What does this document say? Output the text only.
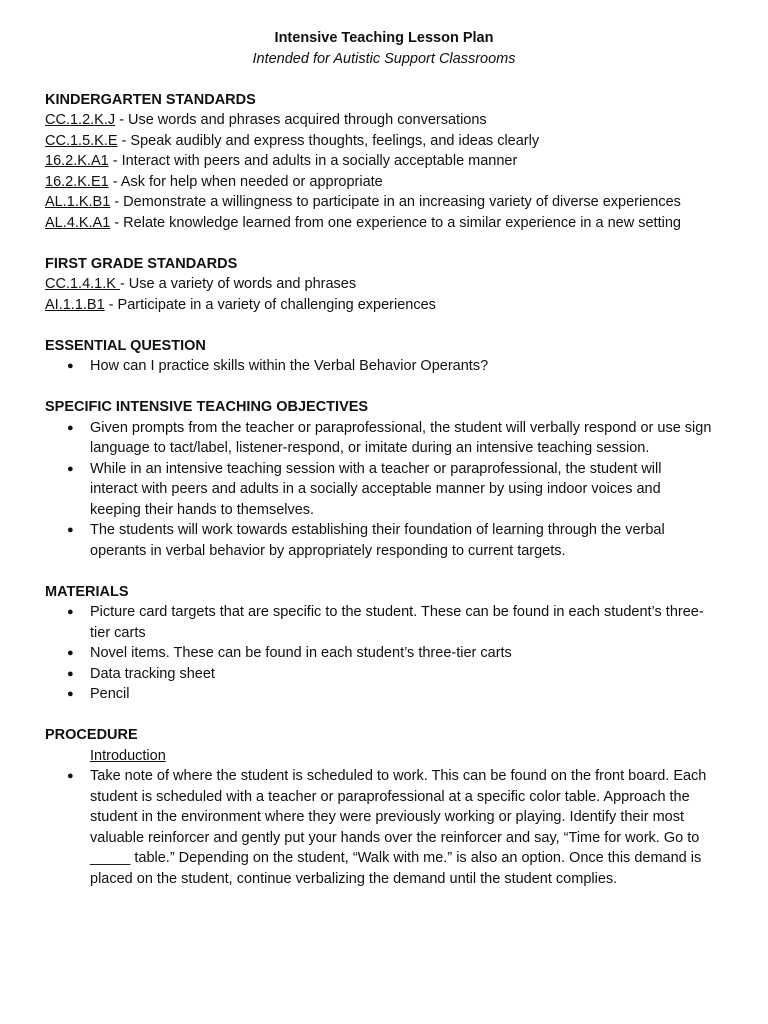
Intensive Teaching Lesson Plan
Intended for Autistic Support Classrooms
KINDERGARTEN STANDARDS
CC.1.2.K.J - Use words and phrases acquired through conversations
CC.1.5.K.E - Speak audibly and express thoughts, feelings, and ideas clearly
16.2.K.A1 - Interact with peers and adults in a socially acceptable manner
16.2.K.E1 - Ask for help when needed or appropriate
AL.1.K.B1 - Demonstrate a willingness to participate in an increasing variety of diverse experiences
AL.4.K.A1 - Relate knowledge learned from one experience to a similar experience in a new setting
FIRST GRADE STANDARDS
CC.1.4.1.K - Use a variety of words and phrases
AI.1.1.B1 - Participate in a variety of challenging experiences
ESSENTIAL QUESTION
● How can I practice skills within the Verbal Behavior Operants?
SPECIFIC INTENSIVE TEACHING OBJECTIVES
● Given prompts from the teacher or paraprofessional, the student will verbally respond or use sign language to tact/label, listener-respond, or imitate during an intensive teaching session.
● While in an intensive teaching session with a teacher or paraprofessional, the student will interact with peers and adults in a socially acceptable manner by using indoor voices and keeping their hands to themselves.
● The students will work towards establishing their foundation of learning through the verbal operants in verbal behavior by appropriately responding to current targets.
MATERIALS
● Picture card targets that are specific to the student. These can be found in each student’s three-tier carts
● Novel items. These can be found in each student’s three-tier carts
● Data tracking sheet
● Pencil
PROCEDURE
Introduction
● Take note of where the student is scheduled to work. This can be found on the front board. Each student is scheduled with a teacher or paraprofessional at a specific color table. Approach the student in the environment where they were previously working or playing. Identify their most valuable reinforcer and gently put your hands over the reinforcer and say, “Time for work. Go to _____ table.” Depending on the student, “Walk with me.” is also an option. Once this demand is placed on the student, continue verbalizing the demand until the student complies.
